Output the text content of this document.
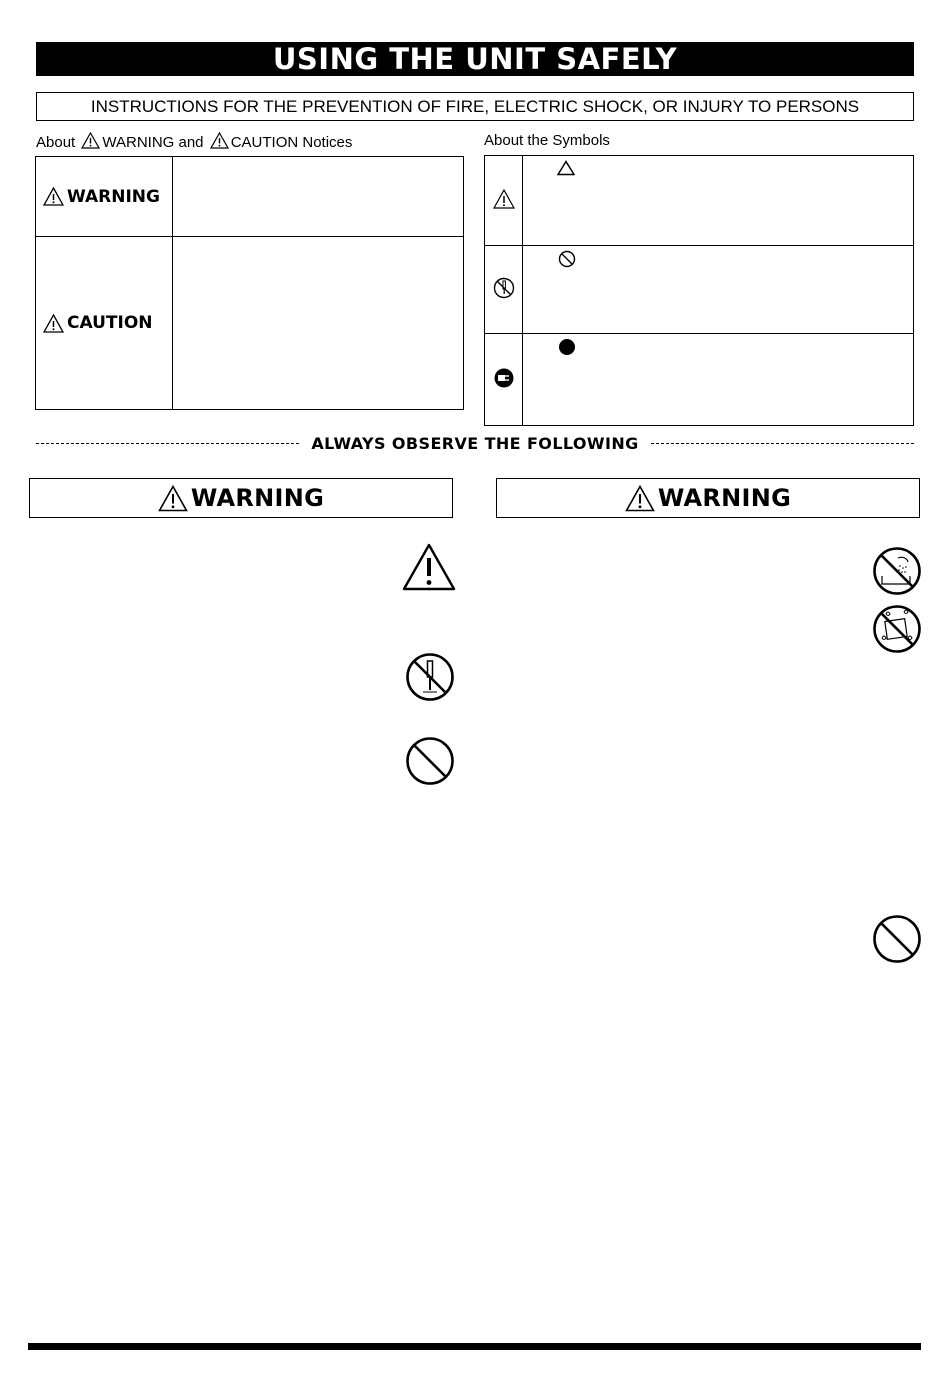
USING THE UNIT SAFELY
INSTRUCTIONS FOR THE PREVENTION OF FIRE, ELECTRIC SHOCK, OR INJURY TO PERSONS
About WARNING and CAUTION Notices
WARNING	

CAUTION	

About the Symbols

ALWAYS OBSERVE THE FOLLOWING
WARNING	WARNING
